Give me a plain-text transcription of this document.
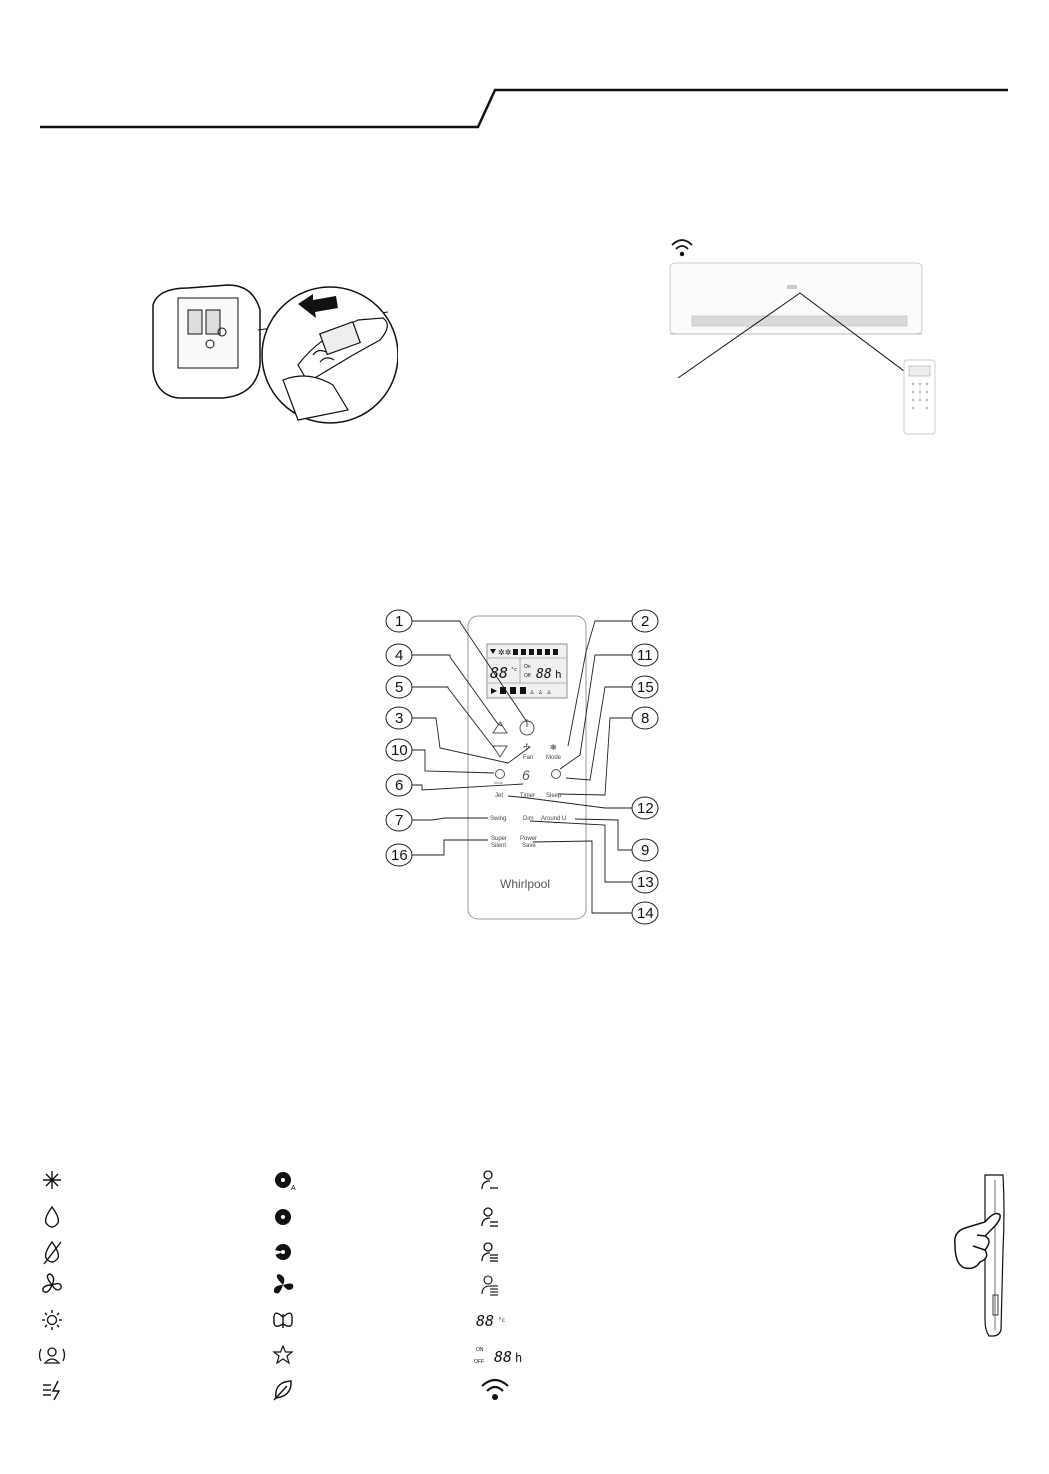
✲✲
♙ ♙ ♙
88 °c On
Off 88 h
✢
Fan
❃
Mode
Mode 6
Timer Sleep
Jet
Swing	Dim Around U
Super
Silent
Power
Save
Whirlpool
1	2
4	11
5	15
3	8
10
6
12
7
9
16
13
14
A
88 °c
ON
OFF 88 h
